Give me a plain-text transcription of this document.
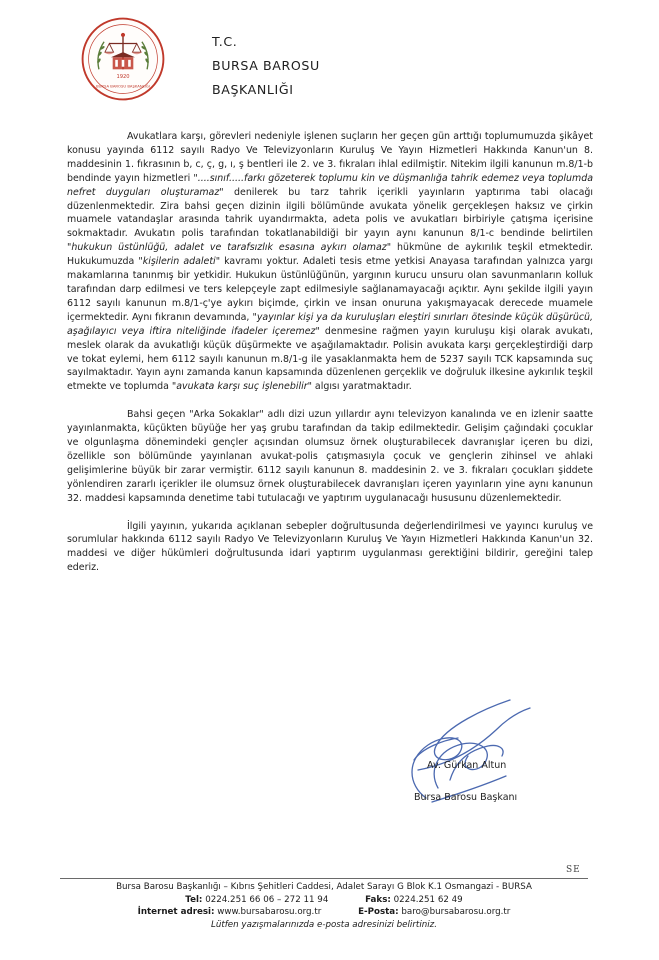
1920
BURSA BAROSU BAŞKANLIĞI
T.C.
BURSA BAROSU
BAŞKANLIĞI

Avukatlara karşı, görevleri nedeniyle işlenen suçların her geçen gün arttığı toplumumuzda şikâyet konusu yayında 6112 sayılı Radyo Ve Televizyonların Kuruluş Ve Yayın Hizmetleri Hakkında Kanun'un 8. maddesinin 1. fıkrasının b, c, ç, g, ı, ş bentleri ile 2. ve 3. fıkraları ihlal edilmiştir. Nitekim ilgili kanunun m.8/1-b bendinde yayın hizmetleri "....sınıf.....farkı gözeterek toplumu kin ve düşmanlığa tahrik edemez veya toplumda nefret duyguları oluşturamaz" denilerek bu tarz tahrik içerikli yayınların yaptırıma tabi olacağı düzenlenmektedir. Zira bahsi geçen dizinin ilgili bölümünde avukata yönelik gerçekleşen haksız ve çirkin muamele vatandaşlar arasında tahrik uyandırmakta, adeta polis ve avukatları birbiriyle çatışma içerisine sokmaktadır. Avukatın polis tarafından tokatlanabildiği bir yayın aynı kanunun 8/1-c bendinde belirtilen "hukukun üstünlüğü, adalet ve tarafsızlık esasına aykırı olamaz" hükmüne de aykırılık teşkil etmektedir. Hukukumuzda "kişilerin adaleti" kavramı yoktur. Adaleti tesis etme yetkisi Anayasa tarafından yalnızca yargı makamlarına tanınmış bir yetkidir. Hukukun üstünlüğünün, yargının kurucu unsuru olan savunmanların kolluk tarafından darp edilmesi ve ters kelepçeyle zapt edilmesiyle sağlanamayacağı açıktır. Aynı şekilde ilgili yayın 6112 sayılı kanunun m.8/1-ç'ye aykırı biçimde, çirkin ve insan onuruna yakışmayacak derecede muamele içermektedir. Aynı fıkranın devamında, "yayınlar kişi ya da kuruluşları eleştiri sınırları ötesinde küçük düşürücü, aşağılayıcı veya iftira niteliğinde ifadeler içeremez" denmesine rağmen yayın kuruluşu kişi olarak avukatı, meslek olarak da avukatlığı küçük düşürmekte ve aşağılamaktadır. Polisin avukata karşı gerçekleştirdiği darp ve tokat eylemi, hem 6112 sayılı kanunun m.8/1-g ile yasaklanmakta hem de 5237 sayılı TCK kapsamında suç sayılmaktadır. Yayın aynı zamanda kanun kapsamında düzenlenen gerçeklik ve doğruluk ilkesine aykırılık teşkil etmekte ve toplumda "avukata karşı suç işlenebilir" algısı yaratmaktadır.

Bahsi geçen "Arka Sokaklar" adlı dizi uzun yıllardır aynı televizyon kanalında ve en izlenir saatte yayınlanmakta, küçükten büyüğe her yaş grubu tarafından da takip edilmektedir. Gelişim çağındaki çocuklar ve olgunlaşma dönemindeki gençler açısından olumsuz örnek oluşturabilecek davranışlar içeren bu dizi, özellikle son bölümünde yayınlanan avukat-polis çatışmasıyla çocuk ve gençlerin zihinsel ve ahlaki gelişimlerine büyük bir zarar vermiştir. 6112 sayılı kanunun 8. maddesinin 2. ve 3. fıkraları çocukları şiddete yönlendiren zararlı içerikler ile olumsuz örnek oluşturabilecek davranışları içeren yayınların yine aynı kanunun 32. maddesi kapsamında denetime tabi tutulacağı ve yaptırım uygulanacağı hususunu düzenlemektedir.

İlgili yayının, yukarıda açıklanan sebepler doğrultusunda değerlendirilmesi ve yayıncı kuruluş ve sorumlular hakkında 6112 sayılı Radyo Ve Televizyonların Kuruluş Ve Yayın Hizmetleri Hakkında Kanun'un 32. maddesi ve diğer hükümleri doğrultusunda idari yaptırım uygulanması gerektiğini bildirir, gereğini talep ederiz.

Av. Gürkan Altun
Bursa Barosu Başkanı
SE
Bursa Barosu Başkanlığı – Kıbrıs Şehitleri Caddesi, Adalet Sarayı G Blok K.1 Osmangazi - BURSA
Tel: 0224.251 66 06 – 272 11 94	Faks: 0224.251 62 49
İnternet adresi: www.bursabarosu.org.tr	E-Posta: baro@bursabarosu.org.tr
Lütfen yazışmalarınızda e-posta adresinizi belirtiniz.
